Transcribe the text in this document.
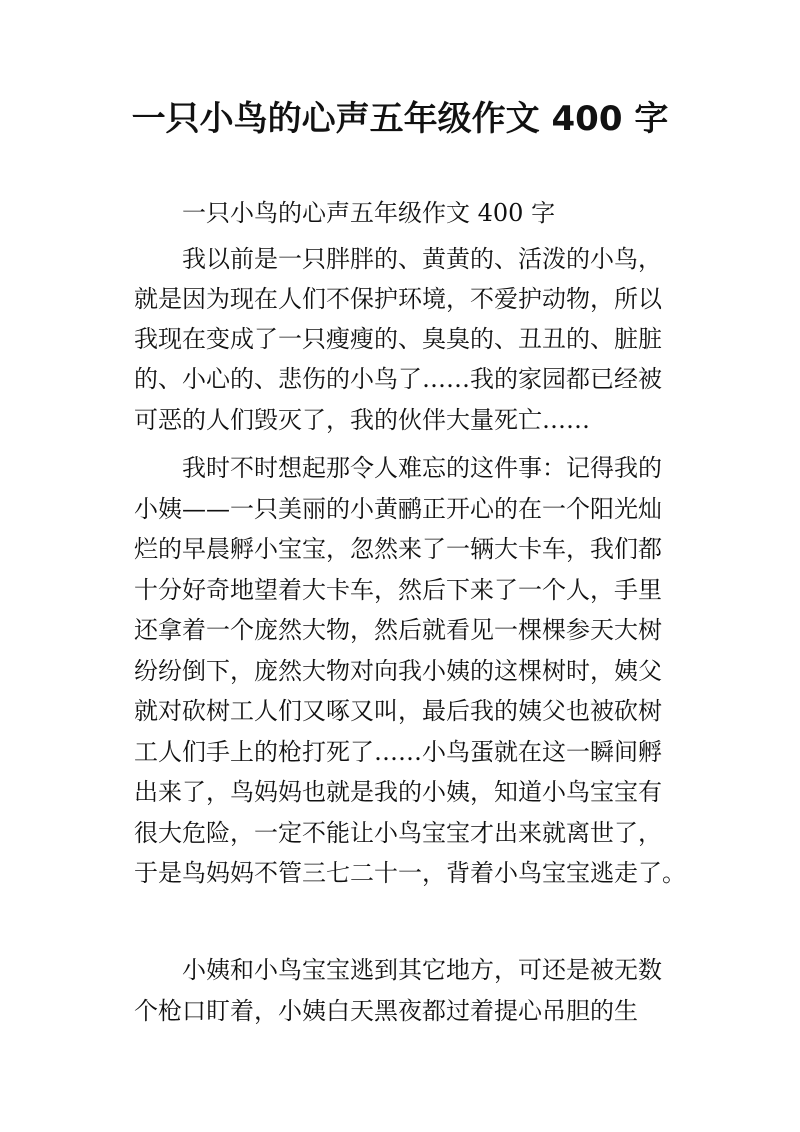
一只小鸟的心声五年级作文 400 字
一只小鸟的心声五年级作文 400 字
我以前是一只胖胖的、黄黄的、活泼的小鸟，
就是因为现在人们不保护环境，不爱护动物，所以
我现在变成了一只瘦瘦的、臭臭的、丑丑的、脏脏
的、小心的、悲伤的小鸟了……我的家园都已经被
可恶的人们毁灭了，我的伙伴大量死亡……
我时不时想起那令人难忘的这件事：记得我的
小姨——一只美丽的小黄鹂正开心的在一个阳光灿
烂的早晨孵小宝宝，忽然来了一辆大卡车，我们都
十分好奇地望着大卡车，然后下来了一个人，手里
还拿着一个庞然大物，然后就看见一棵棵参天大树
纷纷倒下，庞然大物对向我小姨的这棵树时，姨父
就对砍树工人们又啄又叫，最后我的姨父也被砍树
工人们手上的枪打死了……小鸟蛋就在这一瞬间孵
出来了，鸟妈妈也就是我的小姨，知道小鸟宝宝有
很大危险，一定不能让小鸟宝宝才出来就离世了，
于是鸟妈妈不管三七二十一，背着小鸟宝宝逃走了。
小姨和小鸟宝宝逃到其它地方，可还是被无数
个枪口盯着，小姨白天黑夜都过着提心吊胆的生
